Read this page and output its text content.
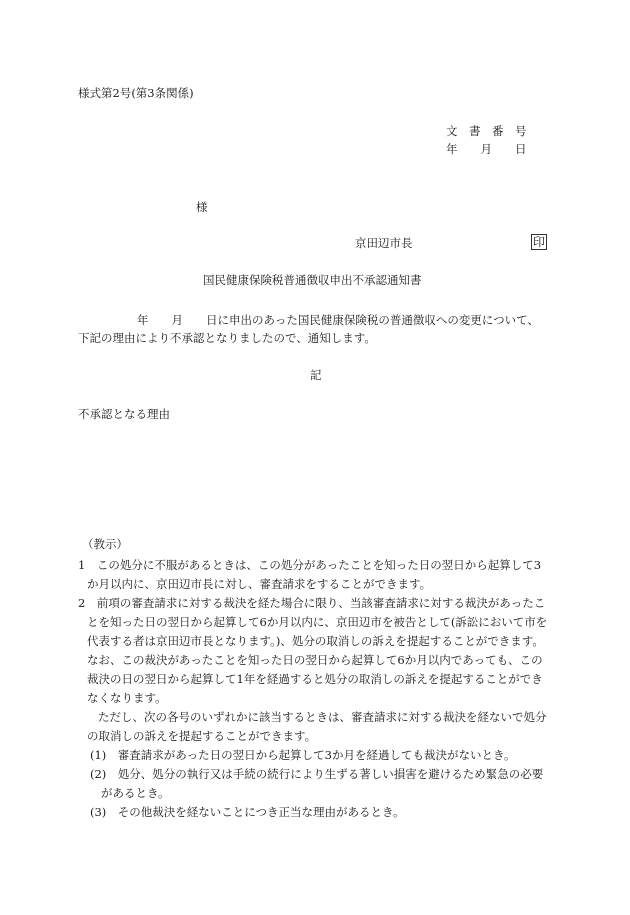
様式第2号(第3条関係)
文　書　番　号
年　　月　　日
様
京田辺市長	印
国民健康保険税普通徴収申出不承認通知書
年　　月　　日に申出のあった国民健康保険税の普通徴収への変更について、
下記の理由により不承認となりましたので、通知します。
記
不承認となる理由
（教示）
1　この処分に不服があるときは、この処分があったことを知った日の翌日から起算して3
か月以内に、京田辺市長に対し、審査請求をすることができます。
2　前項の審査請求に対する裁決を経た場合に限り、当該審査請求に対する裁決があったこ
とを知った日の翌日から起算して6か月以内に、京田辺市を被告として(訴訟において市を
代表する者は京田辺市長となります。)、処分の取消しの訴えを提起することができます。
なお、この裁決があったことを知った日の翌日から起算して6か月以内であっても、この
裁決の日の翌日から起算して1年を経過すると処分の取消しの訴えを提起することができ
なくなります。
ただし、次の各号のいずれかに該当するときは、審査請求に対する裁決を経ないで処分
の取消しの訴えを提起することができます。
(1)　審査請求があった日の翌日から起算して3か月を経過しても裁決がないとき。
(2)　処分、処分の執行又は手続の続行により生ずる著しい損害を避けるため緊急の必要
があるとき。
(3)　その他裁決を経ないことにつき正当な理由があるとき。
